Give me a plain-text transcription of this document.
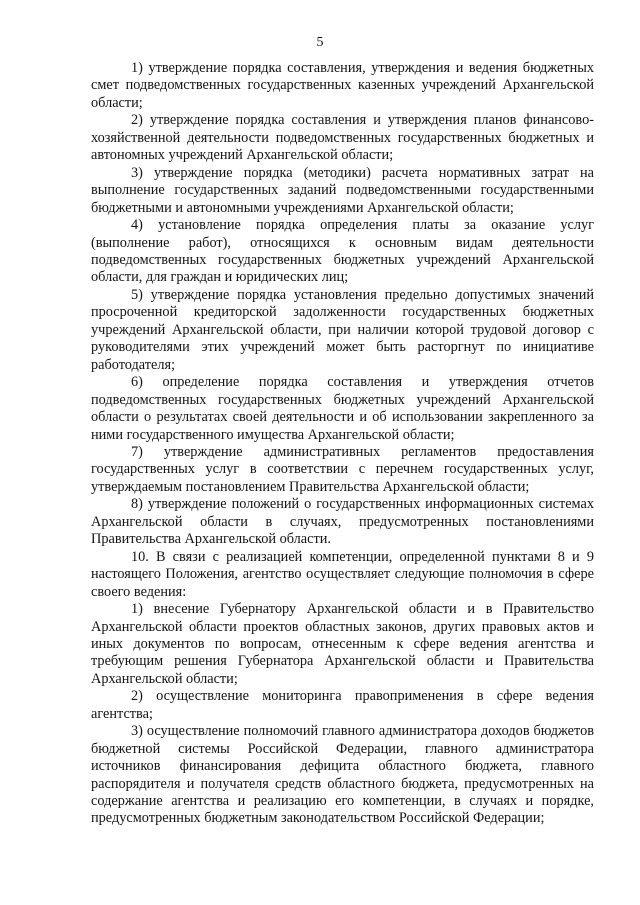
5

1) утверждение порядка составления, утверждения и ведения бюджетных смет подведомственных государственных казенных учреждений Архангельской области;

2) утверждение порядка составления и утверждения планов финансово-хозяйственной деятельности подведомственных государственных бюджетных и автономных учреждений Архангельской области;

3) утверждение порядка (методики) расчета нормативных затрат на выполнение государственных заданий подведомственными государственными бюджетными и автономными учреждениями Архангельской области;

4) установление порядка определения платы за оказание услуг (выполнение работ), относящихся к основным видам деятельности подведомственных государственных бюджетных учреждений Архангельской области, для граждан и юридических лиц;

5) утверждение порядка установления предельно допустимых значений просроченной кредиторской задолженности государственных бюджетных учреждений Архангельской области, при наличии которой трудовой договор с руководителями этих учреждений может быть расторгнут по инициативе работодателя;

6) определение порядка составления и утверждения отчетов подведомственных государственных бюджетных учреждений Архангельской области о результатах своей деятельности и об использовании закрепленного за ними государственного имущества Архангельской области;

7) утверждение административных регламентов предоставления государственных услуг в соответствии с перечнем государственных услуг, утверждаемым постановлением Правительства Архангельской области;

8) утверждение положений о государственных информационных системах Архангельской области в случаях, предусмотренных постановлениями Правительства Архангельской области.

10. В связи с реализацией компетенции, определенной пунктами 8 и 9 настоящего Положения, агентство осуществляет следующие полномочия в сфере своего ведения:

1) внесение Губернатору Архангельской области и в Правительство Архангельской области проектов областных законов, других правовых актов и иных документов по вопросам, отнесенным к сфере ведения агентства и требующим решения Губернатора Архангельской области и Правительства Архангельской области;

2) осуществление мониторинга правоприменения в сфере ведения агентства;

3) осуществление полномочий главного администратора доходов бюджетов бюджетной системы Российской Федерации, главного администратора источников финансирования дефицита областного бюджета, главного распорядителя и получателя средств областного бюджета, предусмотренных на содержание агентства и реализацию его компетенции, в случаях и порядке, предусмотренных бюджетным законодательством Российской Федерации;
